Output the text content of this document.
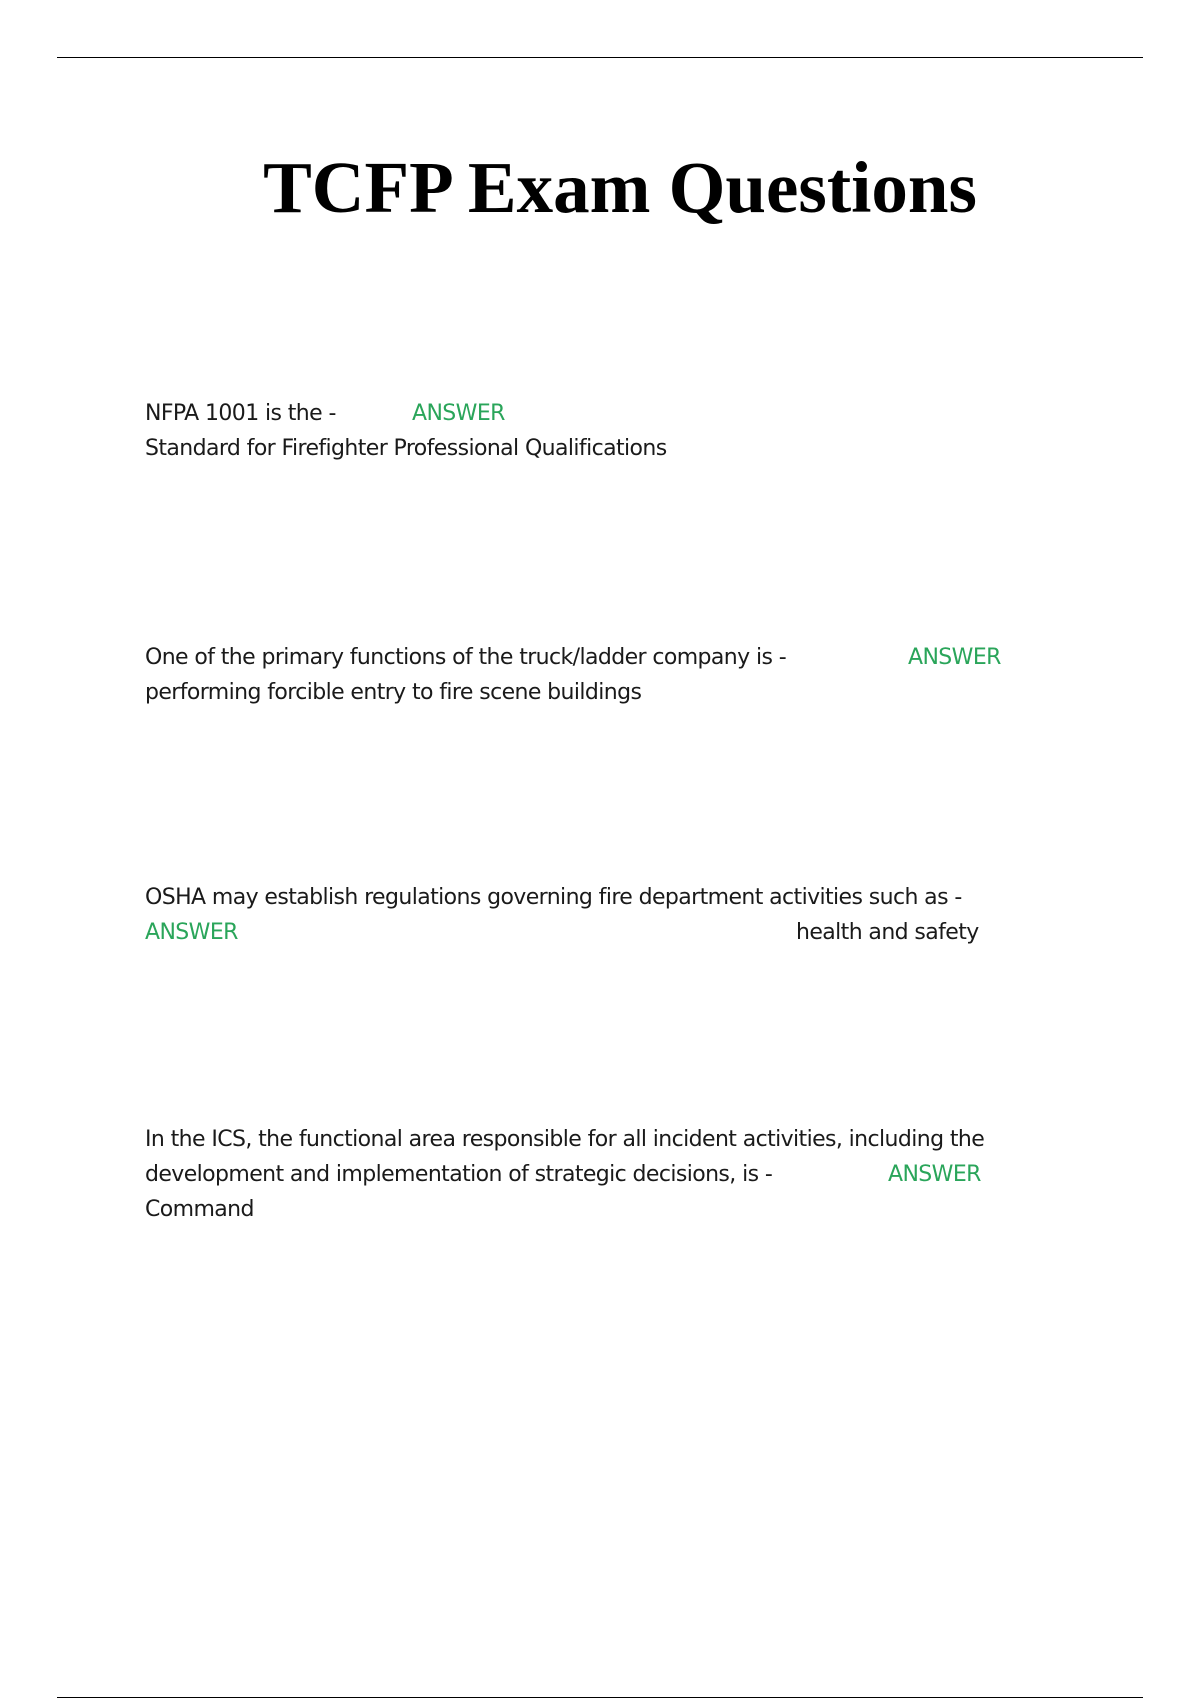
TCFP Exam Questions
NFPA 1001 is the -	ANSWER
Standard for Firefighter Professional Qualifications
One of the primary functions of the truck/ladder company is -	ANSWER
performing forcible entry to fire scene buildings
OSHA may establish regulations governing fire department activities such as -
ANSWER	health and safety
In the ICS, the functional area responsible for all incident activities, including the
development and implementation of strategic decisions, is -	ANSWER
Command
